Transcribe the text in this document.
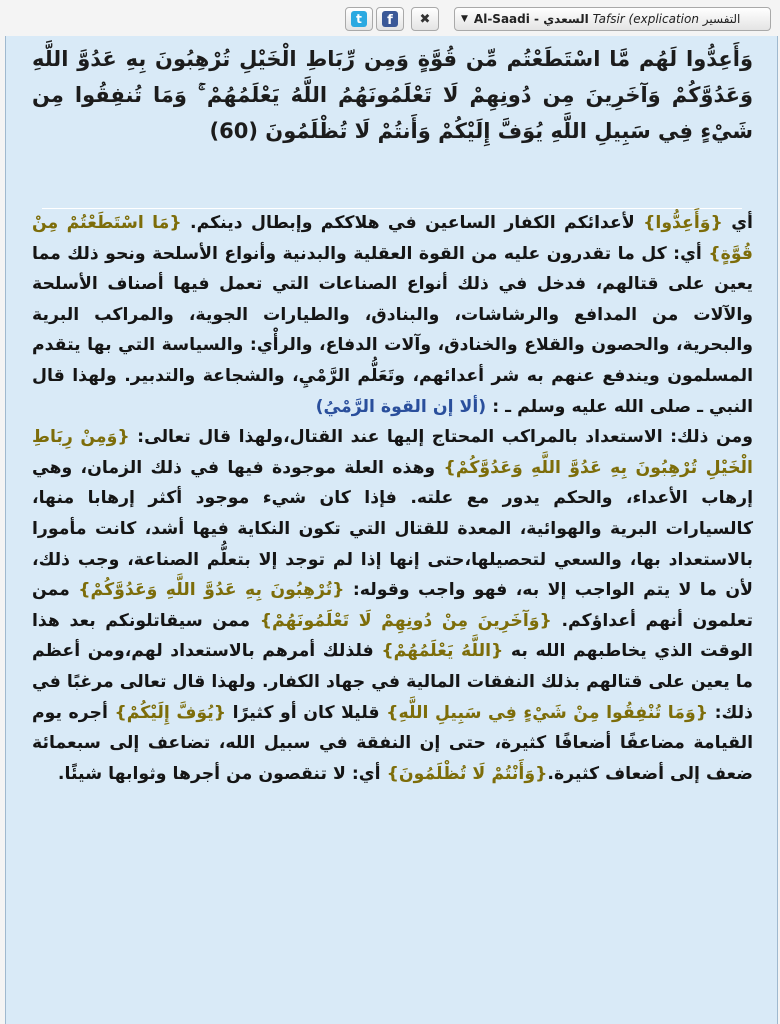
t	f	✖	▼ Al-Saadi - السعدي Tafsir (explication التفسير

وَأَعِدُّوا لَهُم مَّا اسْتَطَعْتُم مِّن قُوَّةٍ وَمِن رِّبَاطِ الْخَيْلِ تُرْهِبُونَ بِهِ عَدُوَّ اللَّهِ وَعَدُوَّكُمْ وَآخَرِينَ مِن دُونِهِمْ لَا تَعْلَمُونَهُمُ اللَّهُ يَعْلَمُهُمْ ۚ وَمَا تُنفِقُوا مِن شَيْءٍ فِي سَبِيلِ اللَّهِ يُوَفَّ إِلَيْكُمْ وَأَنتُمْ لَا تُظْلَمُونَ (60)

أي {وَأَعِدُّوا} لأعدائكم الكفار الساعين في هلاككم وإبطال دينكم. {مَا اسْتَطَعْتُمْ مِنْ قُوَّةٍ} أي: كل ما تقدرون عليه من القوة العقلية والبدنية وأنواع الأسلحة ونحو ذلك مما يعين على قتالهم، فدخل في ذلك أنواع الصناعات التي تعمل فيها أصناف الأسلحة والآلات من المدافع والرشاشات، والبنادق، والطيارات الجوية، والمراكب البرية والبحرية، والحصون والقلاع والخنادق، وآلات الدفاع، والرأْي: والسياسة التي بها يتقدم المسلمون ويندفع عنهم به شر أعدائهم، وتَعَلُّم الرَّمْيِ، والشجاعة والتدبير. ولهذا قال النبي ـ صلى الله عليه وسلم ـ : (ألا إن القوة الرَّمْيُ)
ومن ذلك: الاستعداد بالمراكب المحتاج إليها عند القتال،ولهذا قال تعالى: {وَمِنْ رِبَاطِ الْخَيْلِ تُرْهِبُونَ بِهِ عَدُوَّ اللَّهِ وَعَدُوَّكُمْ} وهذه العلة موجودة فيها في ذلك الزمان، وهي إرهاب الأعداء، والحكم يدور مع علته. فإذا كان شيء موجود أكثر إرهابا منها، كالسيارات البرية والهوائية، المعدة للقتال التي تكون النكاية فيها أشد، كانت مأمورا بالاستعداد بها، والسعي لتحصيلها،حتى إنها إذا لم توجد إلا بتعلُّم الصناعة، وجب ذلك، لأن ما لا يتم الواجب إلا به، فهو واجب وقوله: {تُرْهِبُونَ بِهِ عَدُوَّ اللَّهِ وَعَدُوَّكُمْ} ممن تعلمون أنهم أعداؤكم. {وَآخَرِينَ مِنْ دُونِهِمْ لَا تَعْلَمُونَهُمْ} ممن سيقاتلونكم بعد هذا الوقت الذي يخاطبهم الله به {اللَّهُ يَعْلَمُهُمْ} فلذلك أمرهم بالاستعداد لهم،ومن أعظم ما يعين على قتالهم بذلك النفقات المالية في جهاد الكفار. ولهذا قال تعالى مرغبًا في ذلك: {وَمَا تُنْفِقُوا مِنْ شَيْءٍ فِي سَبِيلِ اللَّهِ} قليلا كان أو كثيرًا {يُوَفَّ إِلَيْكُمْ} أجره يوم القيامة مضاعفًا أضعافًا كثيرة، حتى إن النفقة في سبيل الله، تضاعف إلى سبعمائة ضعف إلى أضعاف كثيرة.{وَأَنْتُمْ لَا تُظْلَمُونَ} أي: لا تنقصون من أجرها وثوابها شيئًا.
